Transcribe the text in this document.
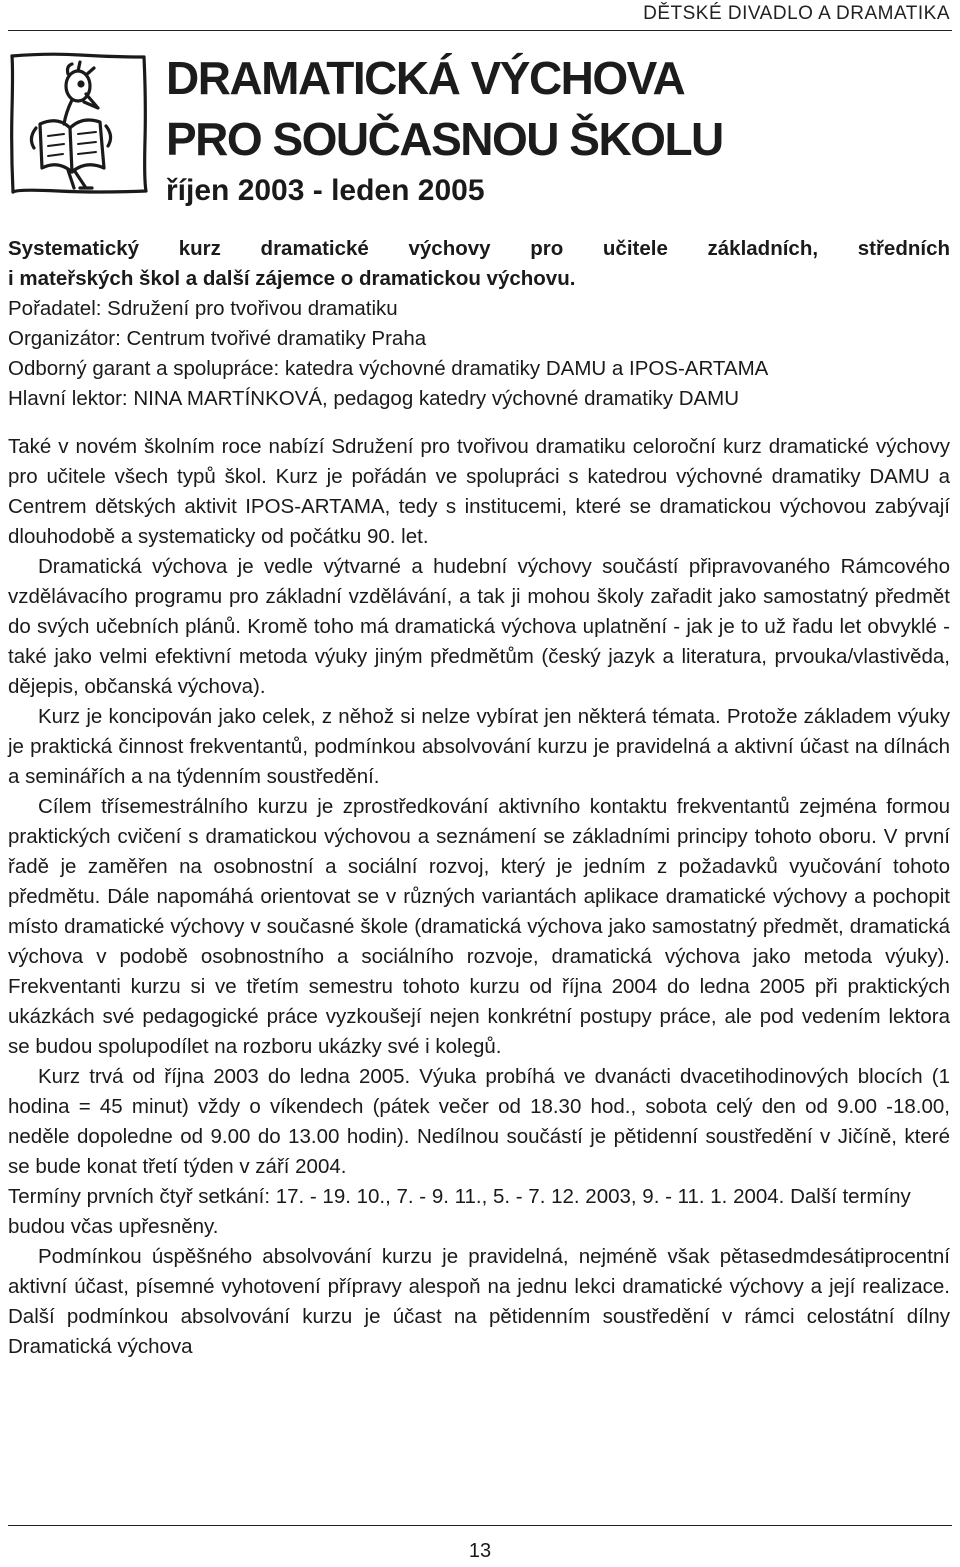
DĚTSKÉ DIVADLO A DRAMATIKA
DRAMATICKÁ VÝCHOVA
PRO SOUČASNOU ŠKOLU
říjen 2003 - leden 2005

Systematický kurz dramatické výchovy pro učitele základních, středních

i mateřských škol a další zájemce o dramatickou výchovu.

Pořadatel: Sdružení pro tvořivou dramatiku

Organizátor: Centrum tvořivé dramatiky Praha

Odborný garant a spolupráce: katedra výchovné dramatiky DAMU a IPOS-ARTAMA

Hlavní lektor: NINA MARTÍNKOVÁ, pedagog katedry výchovné dramatiky DAMU

Také v novém školním roce nabízí Sdružení pro tvořivou dramatiku celoroční kurz dramatické výchovy pro učitele všech typů škol. Kurz je pořádán ve spolupráci s katedrou výchovné dramatiky DAMU a Centrem dětských aktivit IPOS-ARTAMA, tedy s institucemi, které se dramatickou výchovou zabývají dlouhodobě a systematicky od počátku 90. let.

Dramatická výchova je vedle výtvarné a hudební výchovy součástí připravovaného Rámcového vzdělávacího programu pro základní vzdělávání, a tak ji mohou školy zařadit jako samostatný předmět do svých učebních plánů. Kromě toho má dramatická výchova uplatnění - jak je to už řadu let obvyklé - také jako velmi efektivní metoda výuky jiným předmětům (český jazyk a literatura, prvouka/vlastivěda, dějepis, občanská výchova).

Kurz je koncipován jako celek, z něhož si nelze vybírat jen některá témata. Protože základem výuky je praktická činnost frekventantů, podmínkou absolvování kurzu je pravidelná a aktivní účast na dílnách a seminářích a na týdenním soustředění.

Cílem třísemestrálního kurzu je zprostředkování aktivního kontaktu frekventantů zejména formou praktických cvičení s dramatickou výchovou a seznámení se základními principy tohoto oboru. V první řadě je zaměřen na osobnostní a sociální rozvoj, který je jedním z požadavků vyučování tohoto předmětu. Dále napomáhá orientovat se v různých variantách aplikace dramatické výchovy a pochopit místo dramatické výchovy v současné škole (dramatická výchova jako samostatný předmět, dramatická výchova v podobě osobnostního a sociálního rozvoje, dramatická výchova jako metoda výuky). Frekventanti kurzu si ve třetím semestru tohoto kurzu od října 2004 do ledna 2005 při praktických ukázkách své pedagogické práce vyzkoušejí nejen konkrétní postupy práce, ale pod vedením lektora se budou spolupodílet na rozboru ukázky své i kolegů.

Kurz trvá od října 2003 do ledna 2005. Výuka probíhá ve dvanácti dvacetihodinových blocích (1 hodina = 45 minut) vždy o víkendech (pátek večer od 18.30 hod., sobota celý den od 9.00 -18.00, neděle dopoledne od 9.00 do 13.00 hodin). Nedílnou součástí je pětidenní soustředění v Jičíně, které se bude konat třetí týden v září 2004.

Termíny prvních čtyř setkání: 17. - 19. 10., 7. - 9. 11., 5. - 7. 12. 2003, 9. - 11. 1. 2004. Další termíny budou včas upřesněny.

Podmínkou úspěšného absolvování kurzu je pravidelná, nejméně však pětasedmdesátiprocentní aktivní účast, písemné vyhotovení přípravy alespoň na jednu lekci dramatické výchovy a její realizace. Další podmínkou absolvování kurzu je účast na pětidenním soustředění v rámci celostátní dílny Dramatická výchova

13
